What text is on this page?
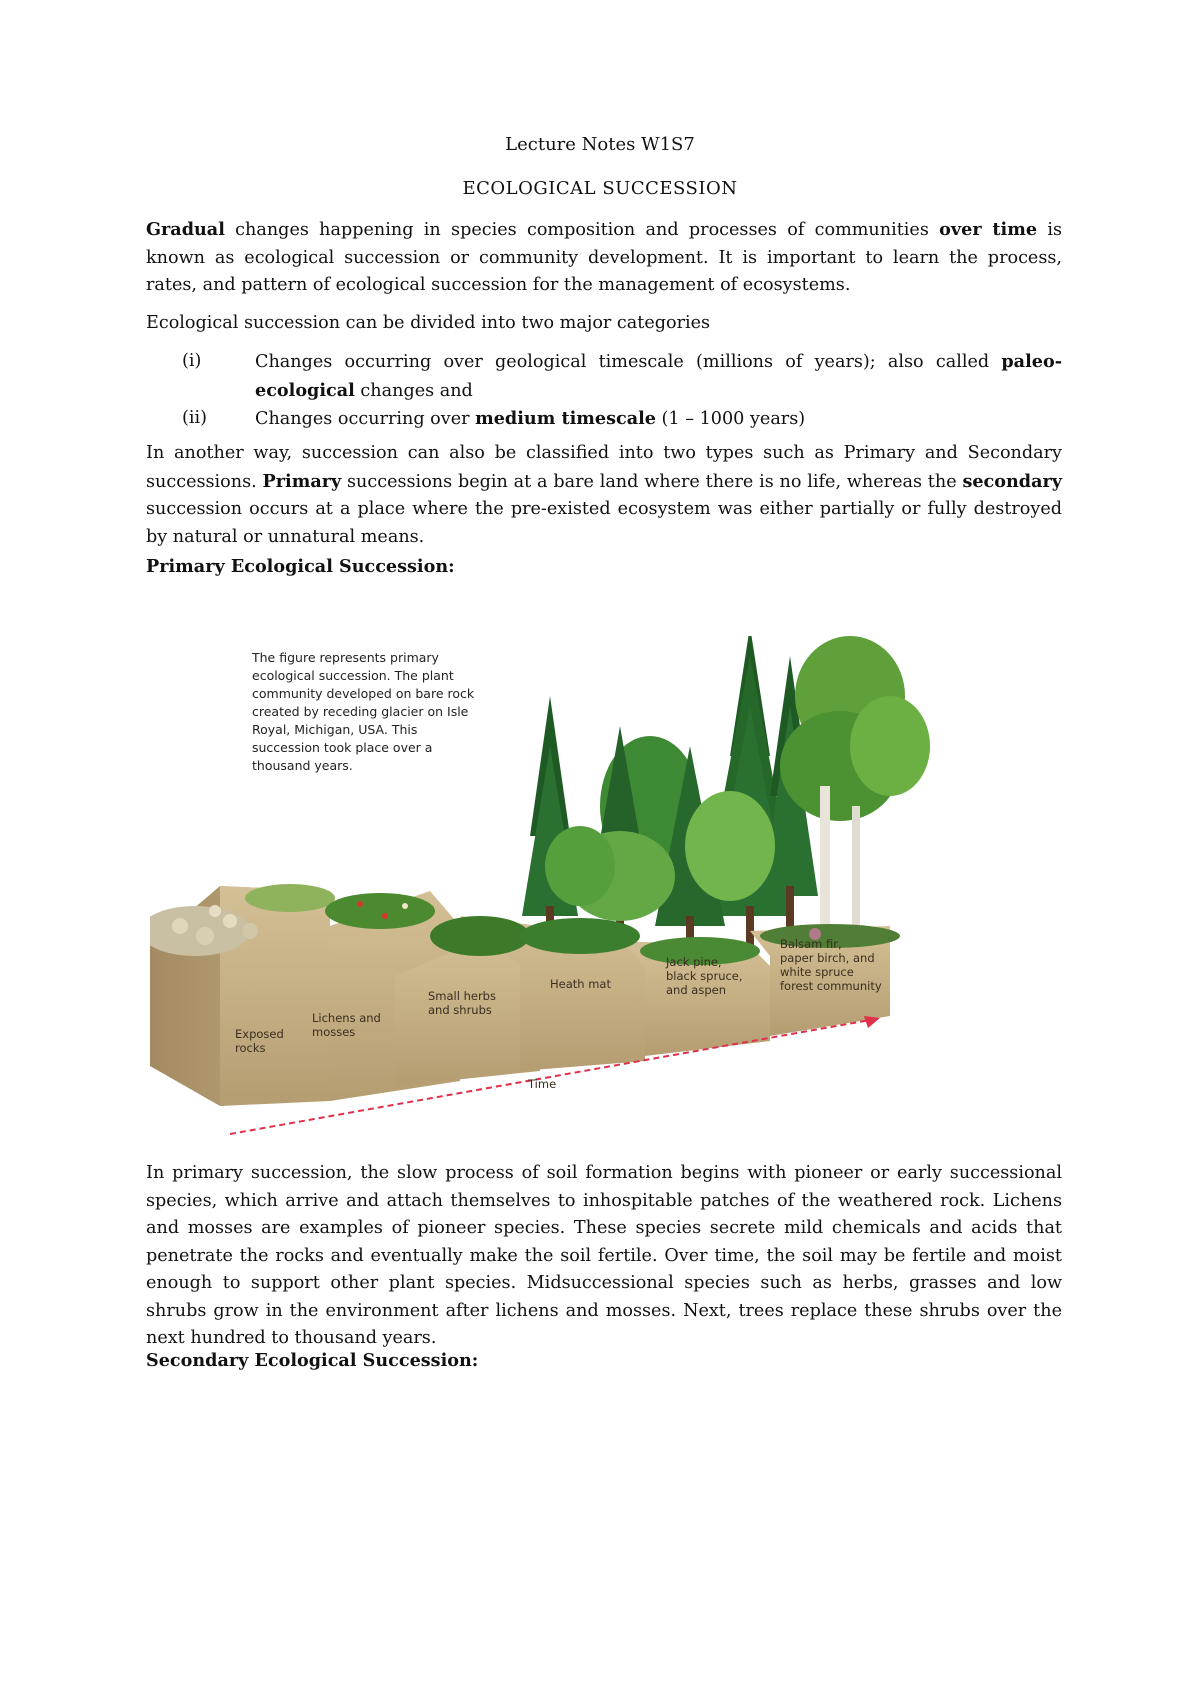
Lecture Notes W1S7
ECOLOGICAL SUCCESSION

Gradual changes happening in species composition and processes of communities over time is known as ecological succession or community development. It is important to learn the process, rates, and pattern of ecological succession for the management of ecosystems.

Ecological succession can be divided into two major categories

(i)	Changes occurring over geological timescale (millions of years); also called paleo-ecological changes and
(ii)	Changes occurring over medium timescale (1 – 1000 years)

In another way, succession can also be classified into two types such as Primary and Secondary successions. Primary successions begin at a bare land where there is no life, whereas the secondary succession occurs at a place where the pre-existed ecosystem was either partially or fully destroyed by natural or unnatural means.

Primary Ecological Succession:
The figure represents primary
ecological succession. The plant
community developed on bare rock
created by receding glacier on Isle
Royal, Michigan, USA. This
succession took place over a
thousand years.
Exposed
rocks
Lichens and
mosses
Small herbs
and shrubs
Heath mat
Jack pine,
black spruce,
and aspen
Balsam fir,
paper birch, and
white spruce
forest community
Time

In primary succession, the slow process of soil formation begins with pioneer or early successional species, which arrive and attach themselves to inhospitable patches of the weathered rock. Lichens and mosses are examples of pioneer species. These species secrete mild chemicals and acids that penetrate the rocks and eventually make the soil fertile. Over time, the soil may be fertile and moist enough to support other plant species. Midsuccessional species such as herbs, grasses and low shrubs grow in the environment after lichens and mosses. Next, trees replace these shrubs over the next hundred to thousand years.

Secondary Ecological Succession:
